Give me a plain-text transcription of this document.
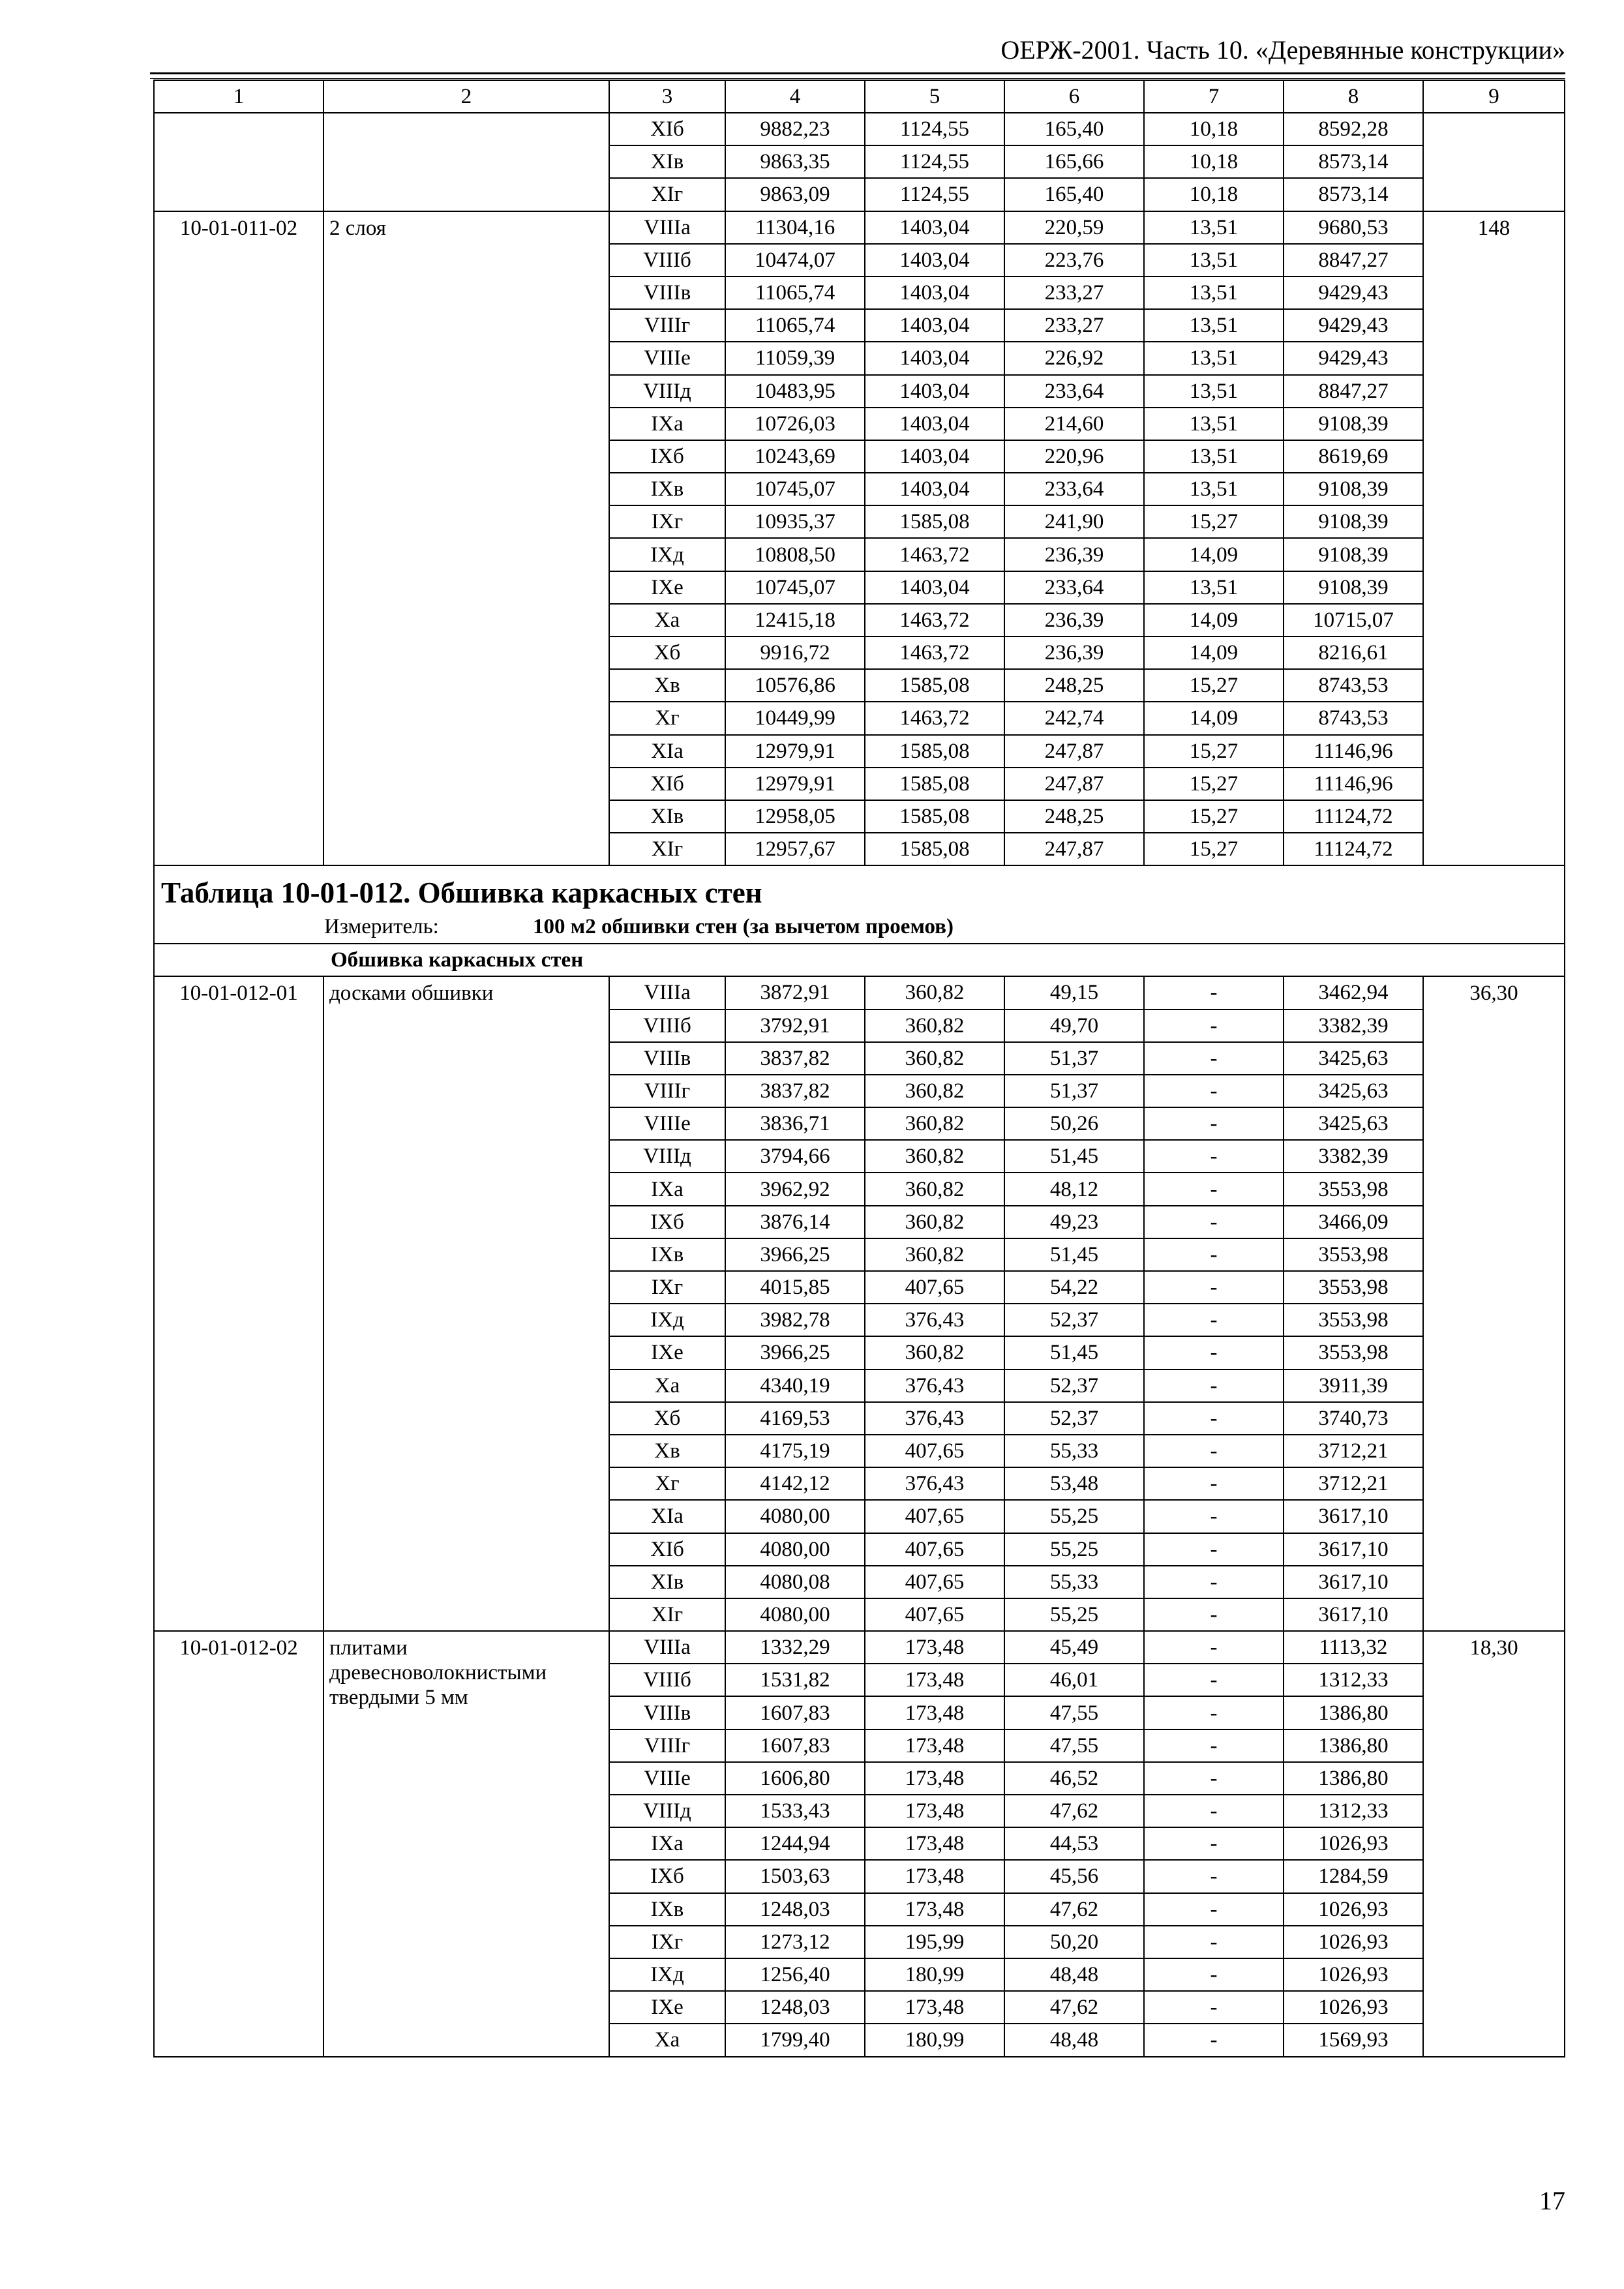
ОЕРЖ-2001. Часть 10. «Деревянные конструкции»
1	2	3	4	5	6	7	8	9
		XIб	9882,23	1124,55	165,40	10,18	8592,28	
		XIв	9863,35	1124,55	165,66	10,18	8573,14	
		XIг	9863,09	1124,55	165,40	10,18	8573,14	
10-01-011-02	2 слоя	VIIIа	11304,16	1403,04	220,59	13,51	9680,53	148
		VIIIб	10474,07	1403,04	223,76	13,51	8847,27	
		VIIIв	11065,74	1403,04	233,27	13,51	9429,43	
		VIIIг	11065,74	1403,04	233,27	13,51	9429,43	
		VIIIе	11059,39	1403,04	226,92	13,51	9429,43	
		VIIIд	10483,95	1403,04	233,64	13,51	8847,27	
		IXа	10726,03	1403,04	214,60	13,51	9108,39	
		IXб	10243,69	1403,04	220,96	13,51	8619,69	
		IXв	10745,07	1403,04	233,64	13,51	9108,39	
		IXг	10935,37	1585,08	241,90	15,27	9108,39	
		IXд	10808,50	1463,72	236,39	14,09	9108,39	
		IXе	10745,07	1403,04	233,64	13,51	9108,39	
		Xа	12415,18	1463,72	236,39	14,09	10715,07	
		Xб	9916,72	1463,72	236,39	14,09	8216,61	
		Xв	10576,86	1585,08	248,25	15,27	8743,53	
		Xг	10449,99	1463,72	242,74	14,09	8743,53	
		XIа	12979,91	1585,08	247,87	15,27	11146,96	
		XIб	12979,91	1585,08	247,87	15,27	11146,96	
		XIв	12958,05	1585,08	248,25	15,27	11124,72	
		XIг	12957,67	1585,08	247,87	15,27	11124,72	
Таблица 10-01-012. Обшивка каркасных стен								
Измеритель: 100 м2 обшивки стен (за вычетом проемов)								
Обшивка каркасных стен								
10-01-012-01	досками обшивки	VIIIа	3872,91	360,82	49,15	-	3462,94	36,30
		VIIIб	3792,91	360,82	49,70	-	3382,39	
		VIIIв	3837,82	360,82	51,37	-	3425,63	
		VIIIг	3837,82	360,82	51,37	-	3425,63	
		VIIIе	3836,71	360,82	50,26	-	3425,63	
		VIIIд	3794,66	360,82	51,45	-	3382,39	
		IXа	3962,92	360,82	48,12	-	3553,98	
		IXб	3876,14	360,82	49,23	-	3466,09	
		IXв	3966,25	360,82	51,45	-	3553,98	
		IXг	4015,85	407,65	54,22	-	3553,98	
		IXд	3982,78	376,43	52,37	-	3553,98	
		IXе	3966,25	360,82	51,45	-	3553,98	
		Xа	4340,19	376,43	52,37	-	3911,39	
		Xб	4169,53	376,43	52,37	-	3740,73	
		Xв	4175,19	407,65	55,33	-	3712,21	
		Xг	4142,12	376,43	53,48	-	3712,21	
		XIа	4080,00	407,65	55,25	-	3617,10	
		XIб	4080,00	407,65	55,25	-	3617,10	
		XIв	4080,08	407,65	55,33	-	3617,10	
		XIг	4080,00	407,65	55,25	-	3617,10	
10-01-012-02	плитами древесноволокнистыми твердыми 5 мм	VIIIа	1332,29	173,48	45,49	-	1113,32	18,30
		VIIIб	1531,82	173,48	46,01	-	1312,33	
		VIIIв	1607,83	173,48	47,55	-	1386,80	
		VIIIг	1607,83	173,48	47,55	-	1386,80	
		VIIIе	1606,80	173,48	46,52	-	1386,80	
		VIIIд	1533,43	173,48	47,62	-	1312,33	
		IXа	1244,94	173,48	44,53	-	1026,93	
		IXб	1503,63	173,48	45,56	-	1284,59	
		IXв	1248,03	173,48	47,62	-	1026,93	
		IXг	1273,12	195,99	50,20	-	1026,93	
		IXд	1256,40	180,99	48,48	-	1026,93	
		IXе	1248,03	173,48	47,62	-	1026,93	
		Xа	1799,40	180,99	48,48	-	1569,93	
17
